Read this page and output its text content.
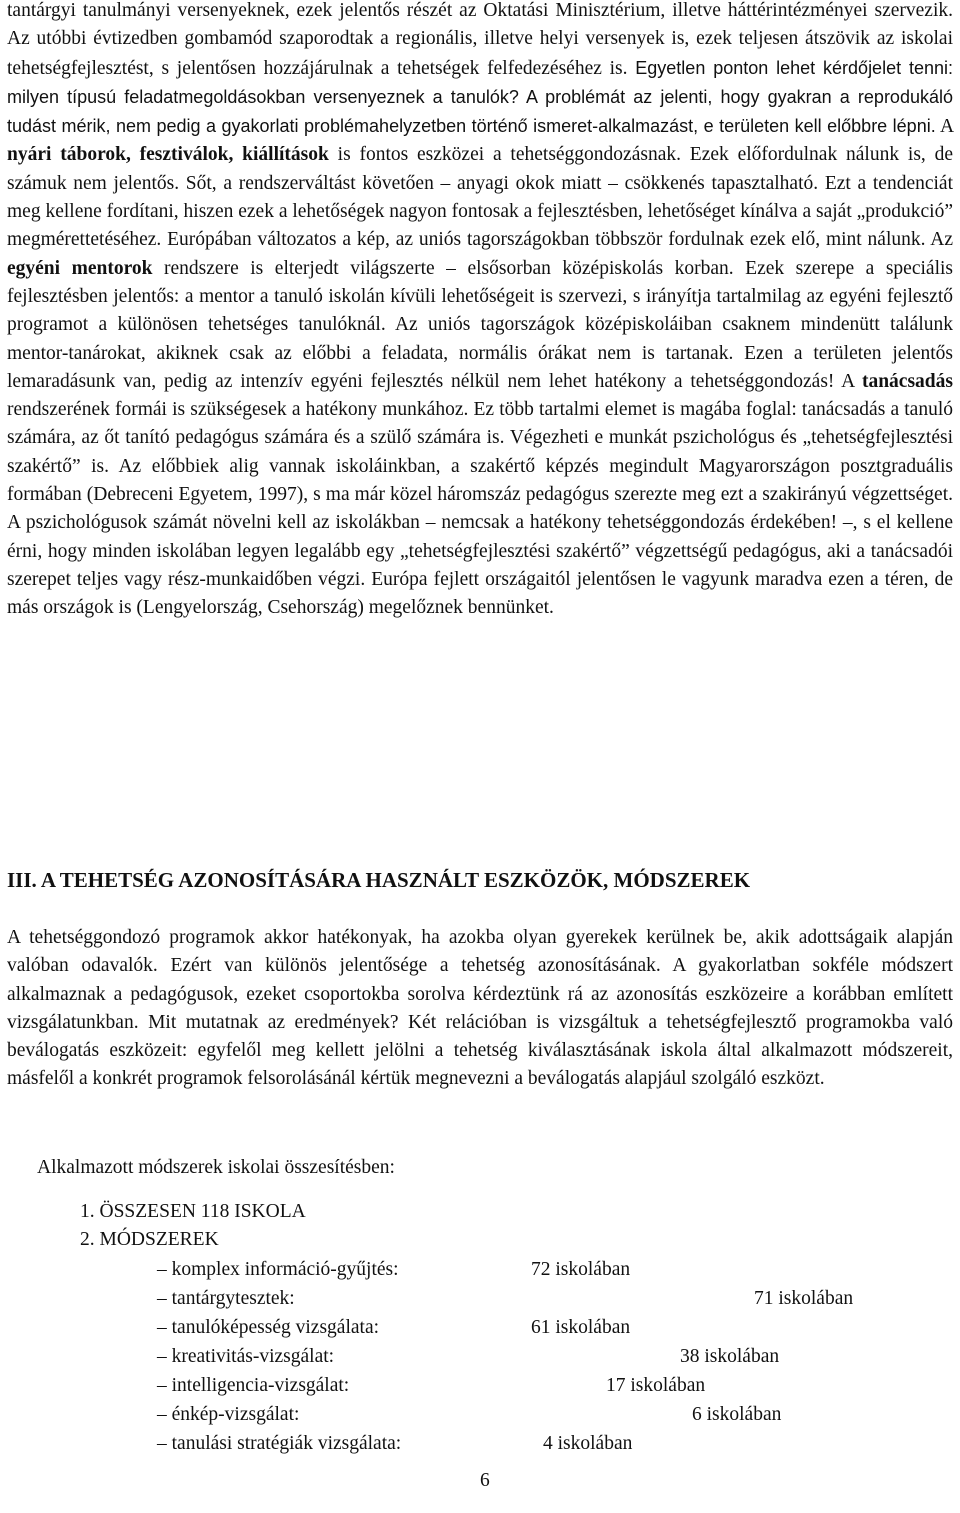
tantárgyi tanulmányi versenyeknek, ezek jelentős részét az Oktatási Minisztérium, illetve háttérintézményei szervezik. Az utóbbi évtizedben gombamód szaporodtak a regionális, illetve helyi versenyek is, ezek teljesen átszövik az iskolai tehetségfejlesztést, s jelentősen hozzájárulnak a tehetségek felfedezéséhez is. Egyetlen ponton lehet kérdőjelet tenni: milyen típusú feladatmegoldásokban versenyeznek a tanulók? A problémát az jelenti, hogy gyakran a reprodukáló tudást mérik, nem pedig a gyakorlati problémahelyzetben történő ismeret-alkalmazást, e területen kell előbbre lépni. A nyári táborok, fesztiválok, kiállítások is fontos eszközei a tehetséggondozásnak. Ezek előfordulnak nálunk is, de számuk nem jelentős. Sőt, a rendszerváltást követően – anyagi okok miatt – csökkenés tapasztalható. Ezt a tendenciát meg kellene fordítani, hiszen ezek a lehetőségek nagyon fontosak a fejlesztésben, lehetőséget kínálva a saját „produkció” megmérettetéséhez. Európában változatos a kép, az uniós tagországokban többször fordulnak ezek elő, mint nálunk. Az egyéni mentorok rendszere is elterjedt világszerte – elsősorban középiskolás korban. Ezek szerepe a speciális fejlesztésben jelentős: a mentor a tanuló iskolán kívüli lehetőségeit is szervezi, s irányítja tartalmilag az egyéni fejlesztő programot a különösen tehetséges tanulóknál. Az uniós tagországok középiskoláiban csaknem mindenütt találunk mentor-tanárokat, akiknek csak az előbbi a feladata, normális órákat nem is tartanak. Ezen a területen jelentős lemaradásunk van, pedig az intenzív egyéni fejlesztés nélkül nem lehet hatékony a tehetséggondozás! A tanácsadás rendszerének formái is szükségesek a hatékony munkához. Ez több tartalmi elemet is magába foglal: tanácsadás a tanuló számára, az őt tanító pedagógus számára és a szülő számára is. Végezheti e munkát pszichológus és „tehetségfejlesztési szakértő” is. Az előbbiek alig vannak iskoláinkban, a szakértő képzés megindult Magyarországon posztgraduális formában (Debreceni Egyetem, 1997), s ma már közel háromszáz pedagógus szerezte meg ezt a szakirányú végzettséget. A pszichológusok számát növelni kell az iskolákban – nemcsak a hatékony tehetséggondozás érdekében! –, s el kellene érni, hogy minden iskolában legyen legalább egy „tehetségfejlesztési szakértő” végzettségű pedagógus, aki a tanácsadói szerepet teljes vagy rész-munkaidőben végzi. Európa fejlett országaitól jelentősen le vagyunk maradva ezen a téren, de más országok is (Lengyelország, Csehország) megelőznek bennünket.

III. A TEHETSÉG AZONOSÍTÁSÁRA HASZNÁLT ESZKÖZÖK, MÓDSZEREK

A tehetséggondozó programok akkor hatékonyak, ha azokba olyan gyerekek kerülnek be, akik adottságaik alapján valóban odavalók. Ezért van különös jelentősége a tehetség azonosításának. A gyakorlatban sokféle módszert alkalmaznak a pedagógusok, ezeket csoportokba sorolva kérdeztünk rá az azonosítás eszközeire a korábban említett vizsgálatunkban. Mit mutatnak az eredmények? Két relációban is vizsgáltuk a tehetségfejlesztő programokba való beválogatás eszközeit: egyfelől meg kellett jelölni a tehetség kiválasztásának iskola által alkalmazott módszereit, másfelől a konkrét programok felsorolásánál kértük megnevezni a beválogatás alapjául szolgáló eszközt.

Alkalmazott módszerek iskolai összesítésben:

1. ÖSSZESEN 118 ISKOLA

2. MÓDSZEREK

– komplex információ-gyűjtés:	72 iskolában
– tantárgytesztek:	71 iskolában
– tanulóképesség vizsgálata:	61 iskolában
– kreativitás-vizsgálat:	38 iskolában
– intelligencia-vizsgálat:	17 iskolában
– énkép-vizsgálat:	6 iskolában
– tanulási stratégiák vizsgálata:	4 iskolában
6
